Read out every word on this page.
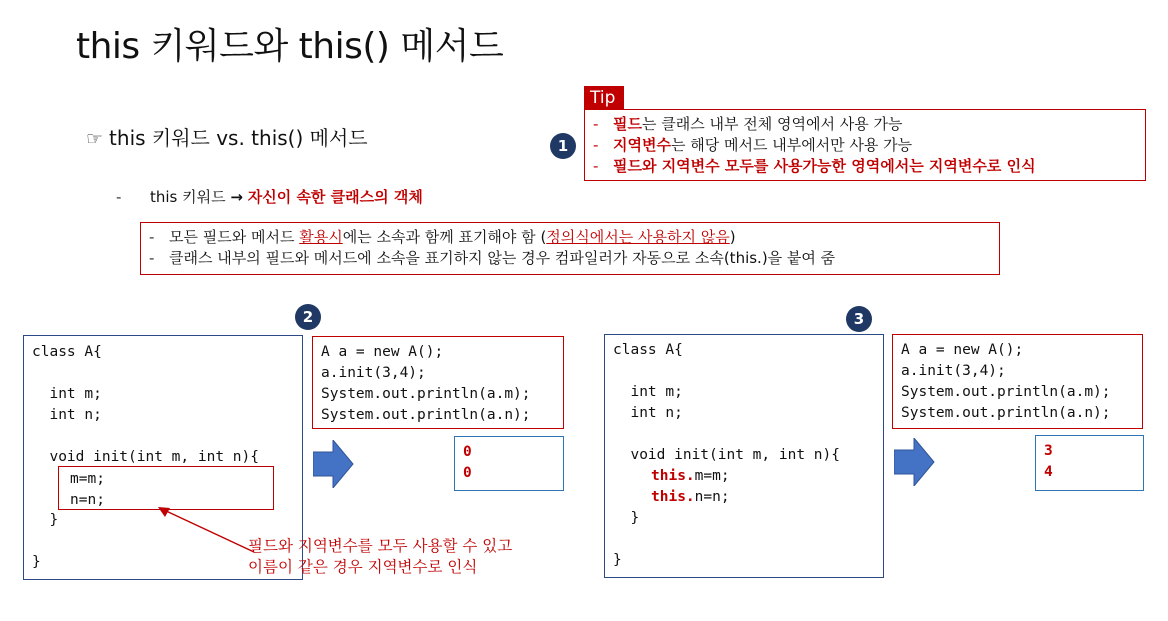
this 키워드와 this() 메서드
☞ this 키워드 vs. this() 메서드
- this 키워드 → 자신이 속한 클래스의 객체
Tip
- 필드는 클래스 내부 전체 영역에서 사용 가능
- 지역변수는 해당 메서드 내부에서만 사용 가능
- 필드와 지역변수 모두를 사용가능한 영역에서는 지역변수로 인식
1
2	3
- 모든 필드와 메서드 활용시에는 소속과 함께 표기해야 함 (정의식에서는 사용하지 않음)
- 클래스 내부의 필드와 메서드에 소속을 표기하지 않는 경우 컴파일러가 자동으로 소속(this.)을 붙여 줌
class A{

int m;
int n;

void init(int m, int n){
m=m;
n=n;
}

}
A a = new A();
a.init(3,4);
System.out.println(a.m);
System.out.println(a.n);
0
0
필드와 지역변수를 모두 사용할 수 있고
이름이 같은 경우 지역변수로 인식
class A{

int m;
int n;

void init(int m, int n){
this.m=m;
this.n=n;
}

}
A a = new A();
a.init(3,4);
System.out.println(a.m);
System.out.println(a.n);
3
4
